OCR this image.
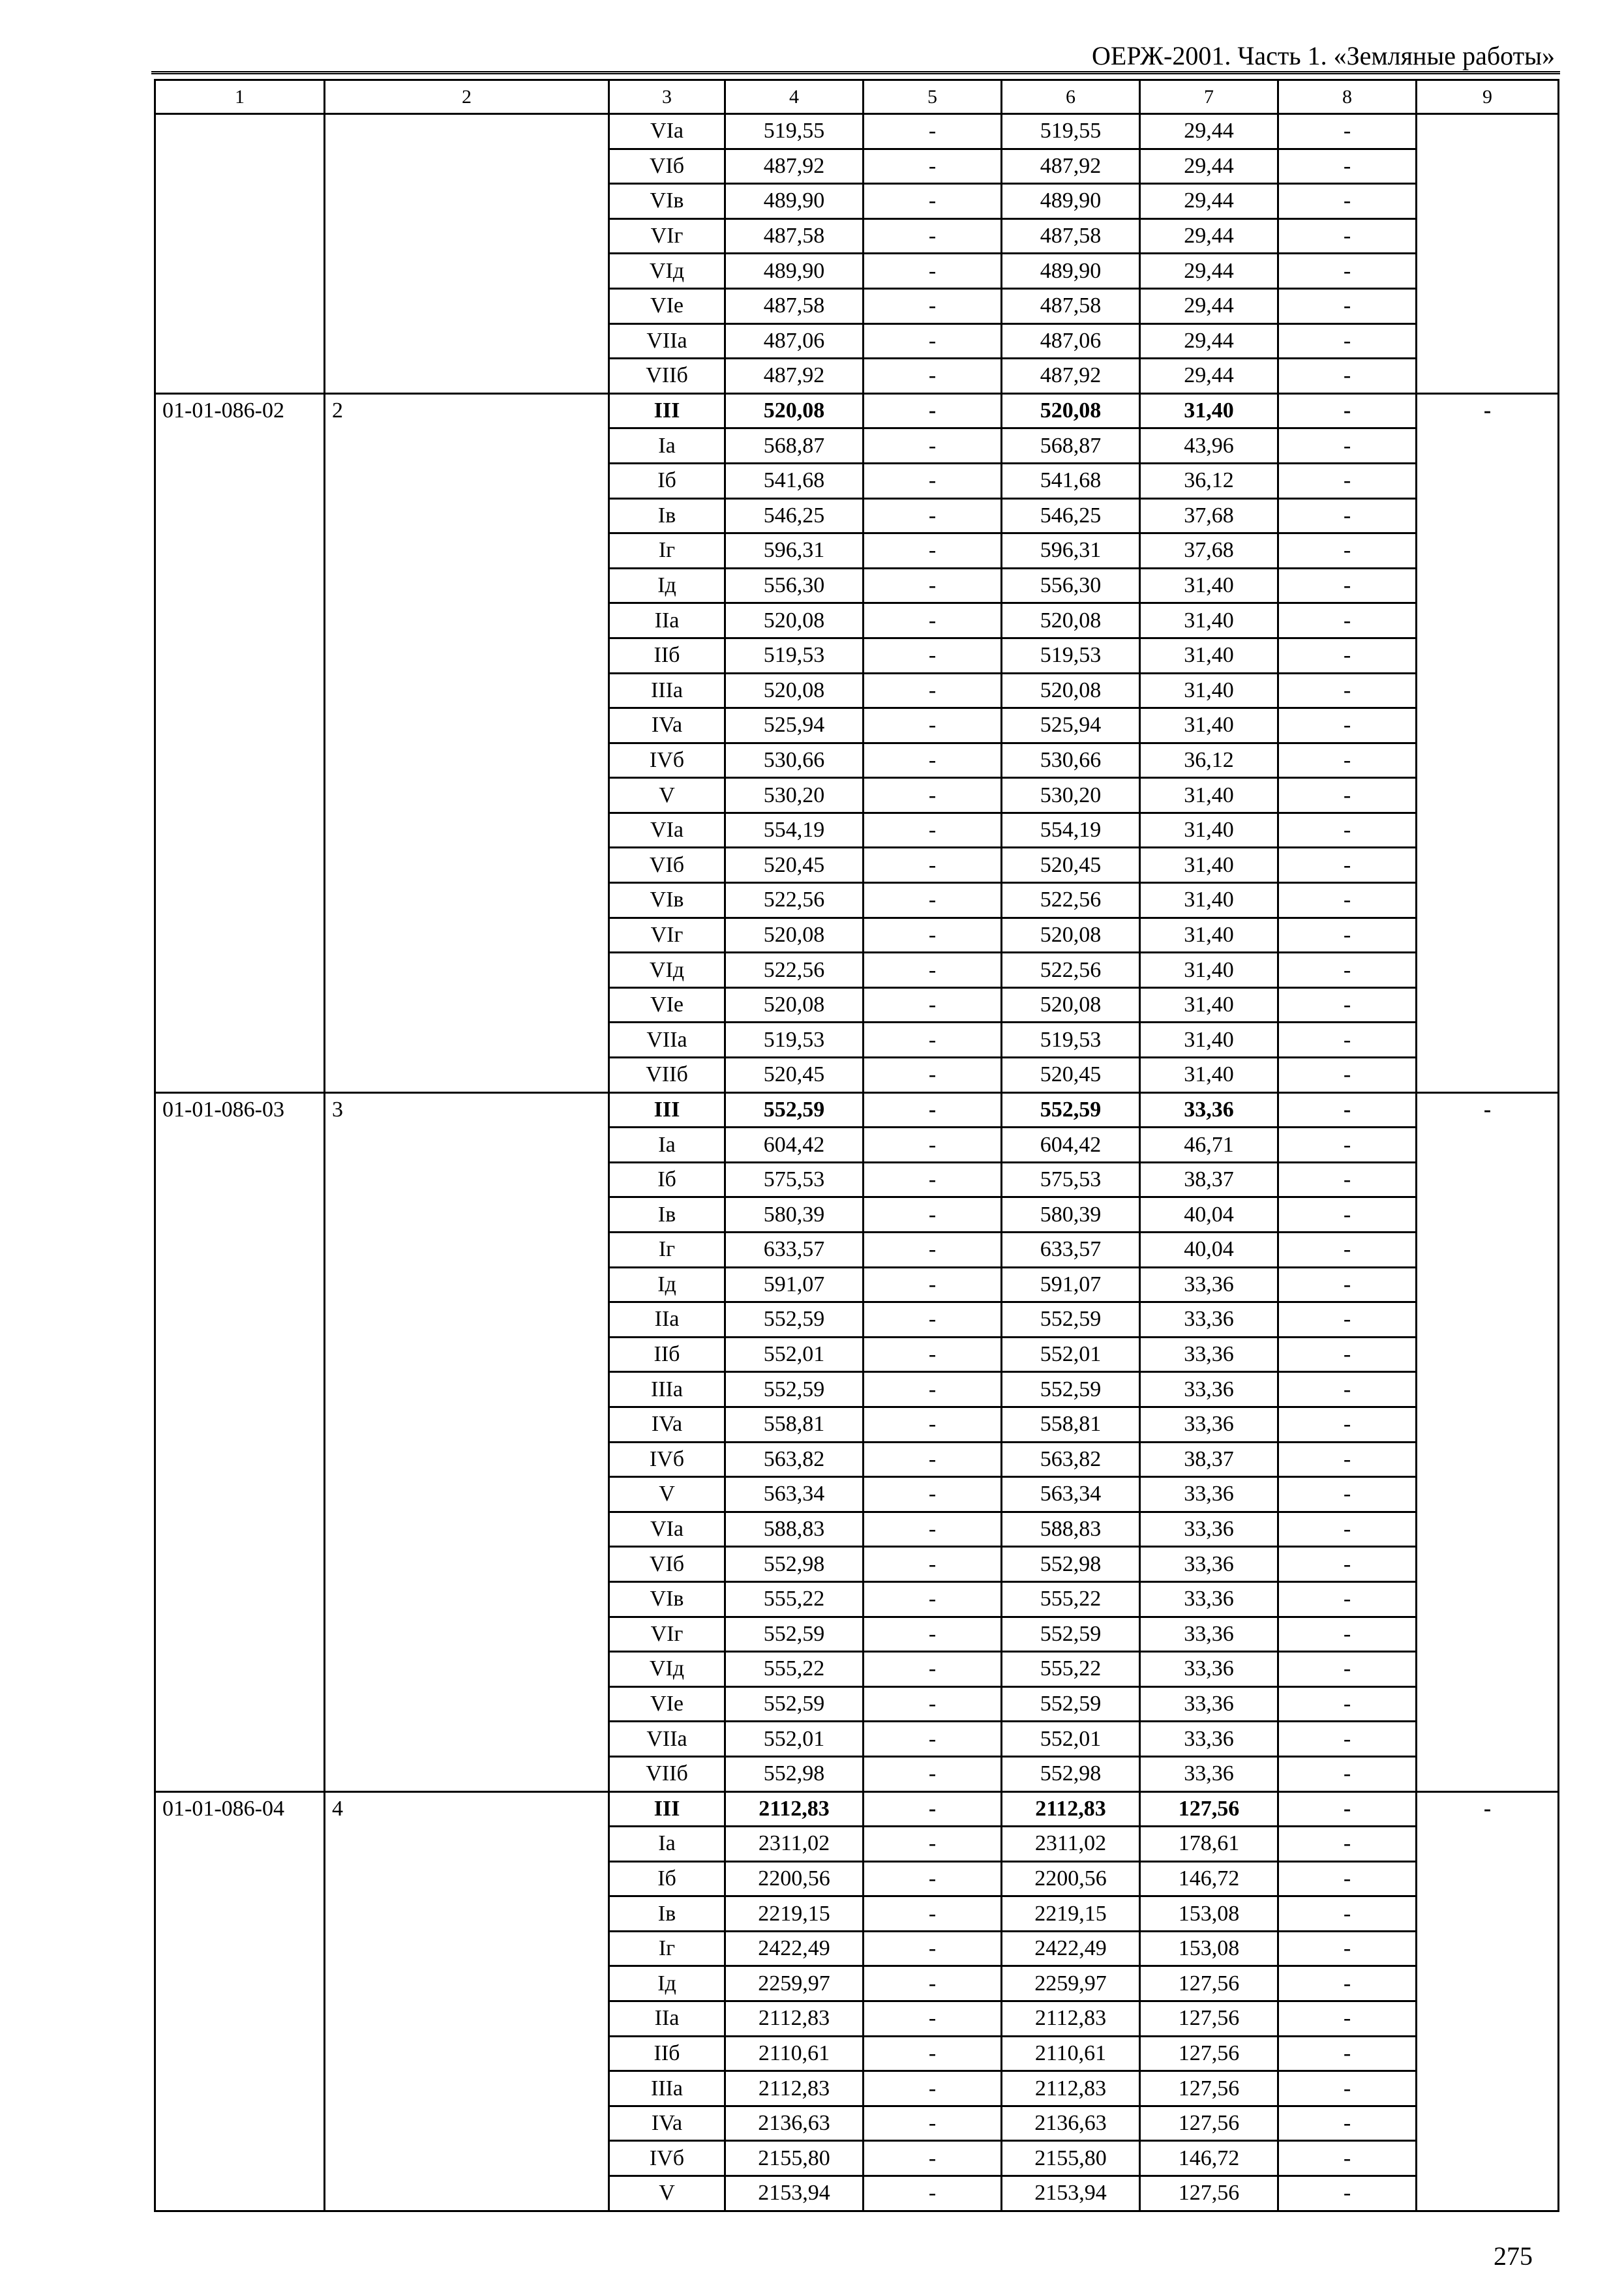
ОЕРЖ-2001. Часть 1. «Земляные работы»
1	2	3	4	5	6	7	8	9
		VIa	519,55	-	519,55	29,44	-	
		VIб	487,92	-	487,92	29,44	-	
		VIв	489,90	-	489,90	29,44	-	
		VIг	487,58	-	487,58	29,44	-	
		VIд	489,90	-	489,90	29,44	-	
		VIе	487,58	-	487,58	29,44	-	
		VIIa	487,06	-	487,06	29,44	-	
		VIIб	487,92	-	487,92	29,44	-	
01-01-086-02	2	III	520,08	-	520,08	31,40	-	-
		Ia	568,87	-	568,87	43,96	-	
		Iб	541,68	-	541,68	36,12	-	
		Iв	546,25	-	546,25	37,68	-	
		Iг	596,31	-	596,31	37,68	-	
		Iд	556,30	-	556,30	31,40	-	
		IIa	520,08	-	520,08	31,40	-	
		IIб	519,53	-	519,53	31,40	-	
		IIIa	520,08	-	520,08	31,40	-	
		IVa	525,94	-	525,94	31,40	-	
		IVб	530,66	-	530,66	36,12	-	
		V	530,20	-	530,20	31,40	-	
		VIa	554,19	-	554,19	31,40	-	
		VIб	520,45	-	520,45	31,40	-	
		VIв	522,56	-	522,56	31,40	-	
		VIг	520,08	-	520,08	31,40	-	
		VIд	522,56	-	522,56	31,40	-	
		VIе	520,08	-	520,08	31,40	-	
		VIIa	519,53	-	519,53	31,40	-	
		VIIб	520,45	-	520,45	31,40	-	
01-01-086-03	3	III	552,59	-	552,59	33,36	-	-
		Ia	604,42	-	604,42	46,71	-	
		Iб	575,53	-	575,53	38,37	-	
		Iв	580,39	-	580,39	40,04	-	
		Iг	633,57	-	633,57	40,04	-	
		Iд	591,07	-	591,07	33,36	-	
		IIa	552,59	-	552,59	33,36	-	
		IIб	552,01	-	552,01	33,36	-	
		IIIa	552,59	-	552,59	33,36	-	
		IVa	558,81	-	558,81	33,36	-	
		IVб	563,82	-	563,82	38,37	-	
		V	563,34	-	563,34	33,36	-	
		VIa	588,83	-	588,83	33,36	-	
		VIб	552,98	-	552,98	33,36	-	
		VIв	555,22	-	555,22	33,36	-	
		VIг	552,59	-	552,59	33,36	-	
		VIд	555,22	-	555,22	33,36	-	
		VIе	552,59	-	552,59	33,36	-	
		VIIa	552,01	-	552,01	33,36	-	
		VIIб	552,98	-	552,98	33,36	-	
01-01-086-04	4	III	2112,83	-	2112,83	127,56	-	-
		Ia	2311,02	-	2311,02	178,61	-	
		Iб	2200,56	-	2200,56	146,72	-	
		Iв	2219,15	-	2219,15	153,08	-	
		Iг	2422,49	-	2422,49	153,08	-	
		Iд	2259,97	-	2259,97	127,56	-	
		IIa	2112,83	-	2112,83	127,56	-	
		IIб	2110,61	-	2110,61	127,56	-	
		IIIa	2112,83	-	2112,83	127,56	-	
		IVa	2136,63	-	2136,63	127,56	-	
		IVб	2155,80	-	2155,80	146,72	-	
		V	2153,94	-	2153,94	127,56	-	
275
